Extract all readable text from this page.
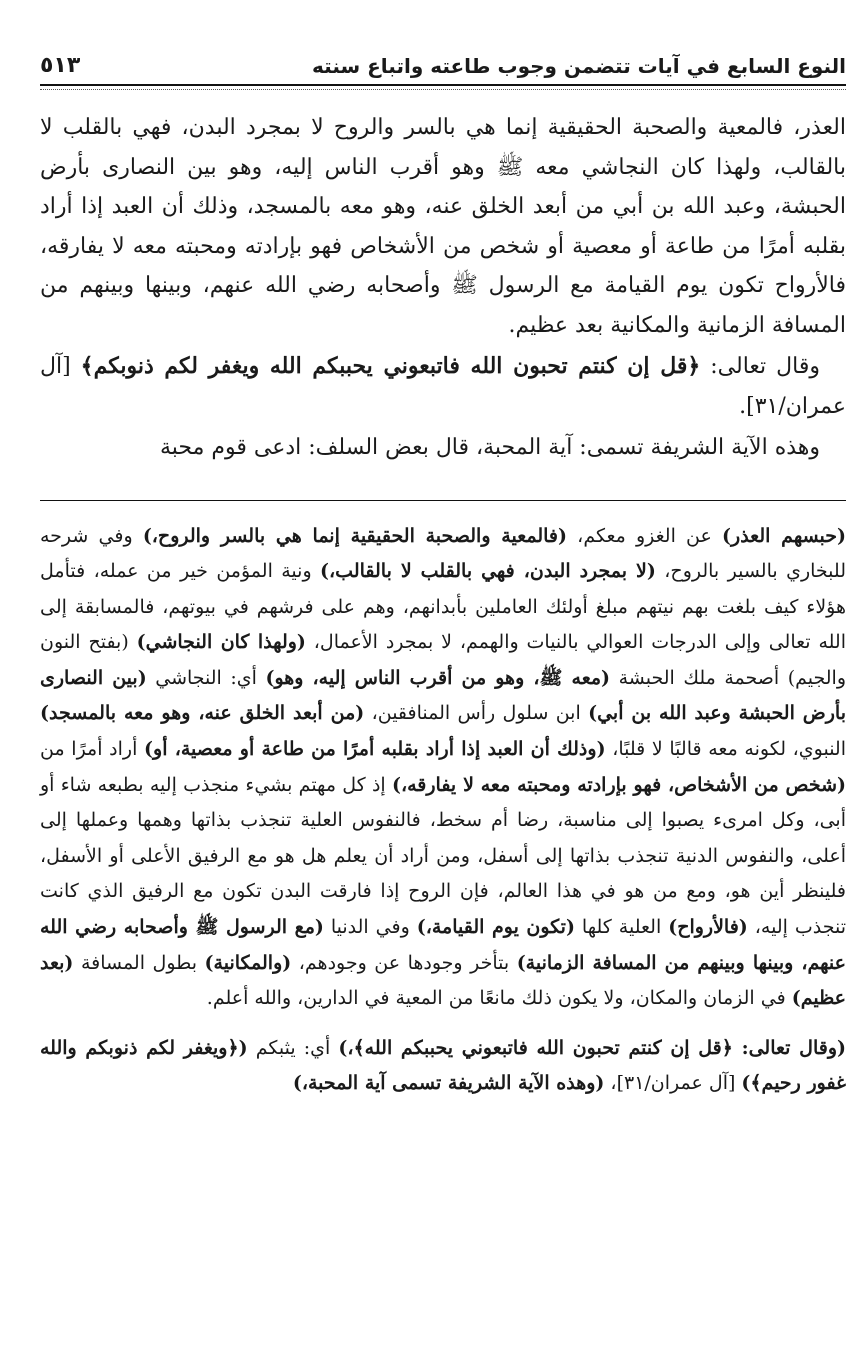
النوع السابع في آيات تتضمن وجوب طاعته واتباع سنته
٥١٣

العذر، فالمعية والصحبة الحقيقية إنما هي بالسر والروح لا بمجرد البدن، فهي بالقلب لا بالقالب، ولهذا كان النجاشي معه ﷺ وهو أقرب الناس إليه، وهو بين النصارى بأرض الحبشة، وعبد الله بن أبي من أبعد الخلق عنه، وهو معه بالمسجد، وذلك أن العبد إذا أراد بقلبه أمرًا من طاعة أو معصية أو شخص من الأشخاص فهو بإرادته ومحبته معه لا يفارقه، فالأرواح تكون يوم القيامة مع الرسول ﷺ وأصحابه رضي الله عنهم، وبينها وبينهم من المسافة الزمانية والمكانية بعد عظيم.

وقال تعالى: ﴿قل إن كنتم تحبون الله فاتبعوني يحببكم الله ويغفر لكم ذنوبكم﴾ [آل عمران/٣١].

وهذه الآية الشريفة تسمى: آية المحبة، قال بعض السلف: ادعى قوم محبة

(حبسهم العذر) عن الغزو معكم، (فالمعية والصحبة الحقيقية إنما هي بالسر والروح،) وفي شرحه للبخاري بالسير بالروح، (لا بمجرد البدن، فهي بالقلب لا بالقالب،) ونية المؤمن خير من عمله، فتأمل هؤلاء كيف بلغت بهم نيتهم مبلغ أولئك العاملين بأبدانهم، وهم على فرشهم في بيوتهم، فالمسابقة إلى الله تعالى وإلى الدرجات العوالي بالنيات والهمم، لا بمجرد الأعمال، (ولهذا كان النجاشي) (بفتح النون والجيم) أصحمة ملك الحبشة (معه ﷺ، وهو من أقرب الناس إليه، وهو) أي: النجاشي (بين النصارى بأرض الحبشة وعبد الله بن أبي) ابن سلول رأس المنافقين، (من أبعد الخلق عنه، وهو معه بالمسجد) النبوي، لكونه معه قالبًا لا قلبًا، (وذلك أن العبد إذا أراد بقلبه أمرًا من طاعة أو معصية، أو) أراد أمرًا من (شخص من الأشخاص، فهو بإرادته ومحبته معه لا يفارقه،) إذ كل مهتم بشيء منجذب إليه بطبعه شاء أو أبى، وكل امرىء يصبوا إلى مناسبة، رضا أم سخط، فالنفوس العلية تنجذب بذاتها وهمها وعملها إلى أعلى، والنفوس الدنية تنجذب بذاتها إلى أسفل، ومن أراد أن يعلم هل هو مع الرفيق الأعلى أو الأسفل، فلينظر أين هو، ومع من هو في هذا العالم، فإن الروح إذا فارقت البدن تكون مع الرفيق الذي كانت تنجذب إليه، (فالأرواح) العلية كلها (تكون يوم القيامة،) وفي الدنيا (مع الرسول ﷺ وأصحابه رضي الله عنهم، وبينها وبينهم من المسافة الزمانية) بتأخر وجودها عن وجودهم، (والمكانية) بطول المسافة (بعد عظيم) في الزمان والمكان، ولا يكون ذلك مانعًا من المعية في الدارين، والله أعلم.

(وقال تعالى: ﴿قل إن كنتم تحبون الله فاتبعوني يحببكم الله﴾،) أي: يثبكم (﴿ويغفر لكم ذنوبكم والله غفور رحيم﴾) [آل عمران/٣١]، (وهذه الآية الشريفة تسمى آية المحبة،)
